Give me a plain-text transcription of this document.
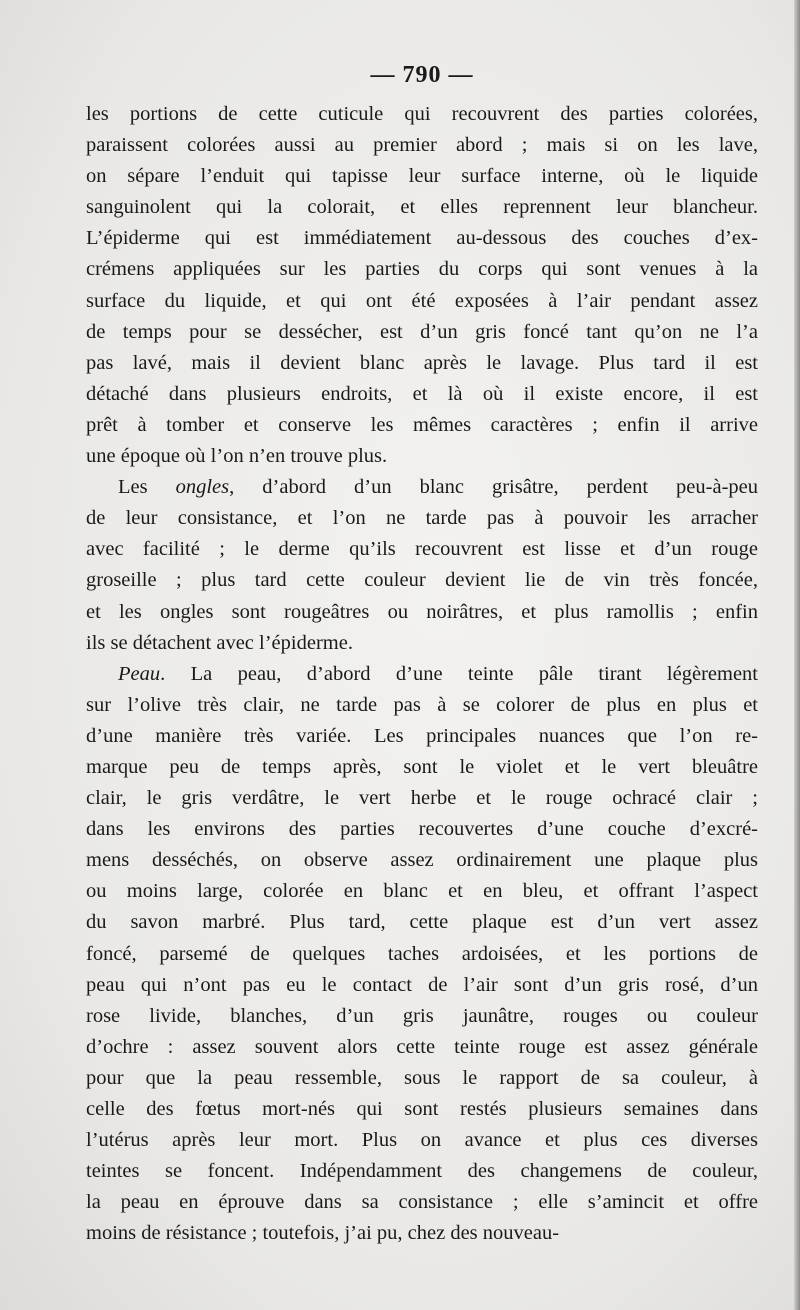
— 790 —

les portions de cette cuticule qui recouvrent des parties colorées,

paraissent colorées aussi au premier abord ; mais si on les lave,

on sépare l’enduit qui tapisse leur surface interne, où le liquide

sanguinolent qui la colorait, et elles reprennent leur blancheur.

L’épiderme qui est immédiatement au-dessous des couches d’ex-

crémens appliquées sur les parties du corps qui sont venues à la

surface du liquide, et qui ont été exposées à l’air pendant assez

de temps pour se dessécher, est d’un gris foncé tant qu’on ne l’a

pas lavé, mais il devient blanc après le lavage. Plus tard il est

détaché dans plusieurs endroits, et là où il existe encore, il est

prêt à tomber et conserve les mêmes caractères ; enfin il arrive

une époque où l’on n’en trouve plus.

Les ongles, d’abord d’un blanc grisâtre, perdent peu-à-peu

de leur consistance, et l’on ne tarde pas à pouvoir les arracher

avec facilité ; le derme qu’ils recouvrent est lisse et d’un rouge

groseille ; plus tard cette couleur devient lie de vin très foncée,

et les ongles sont rougeâtres ou noirâtres, et plus ramollis ; enfin

ils se détachent avec l’épiderme.

Peau. La peau, d’abord d’une teinte pâle tirant légèrement

sur l’olive très clair, ne tarde pas à se colorer de plus en plus et

d’une manière très variée. Les principales nuances que l’on re-

marque peu de temps après, sont le violet et le vert bleuâtre

clair, le gris verdâtre, le vert herbe et le rouge ochracé clair ;

dans les environs des parties recouvertes d’une couche d’excré-

mens desséchés, on observe assez ordinairement une plaque plus

ou moins large, colorée en blanc et en bleu, et offrant l’aspect

du savon marbré. Plus tard, cette plaque est d’un vert assez

foncé, parsemé de quelques taches ardoisées, et les portions de

peau qui n’ont pas eu le contact de l’air sont d’un gris rosé, d’un

rose livide, blanches, d’un gris jaunâtre, rouges ou couleur

d’ochre : assez souvent alors cette teinte rouge est assez générale

pour que la peau ressemble, sous le rapport de sa couleur, à

celle des fœtus mort-nés qui sont restés plusieurs semaines dans

l’utérus après leur mort. Plus on avance et plus ces diverses

teintes se foncent. Indépendamment des changemens de couleur,

la peau en éprouve dans sa consistance ; elle s’amincit et offre

moins de résistance ; toutefois, j’ai pu, chez des nouveau-
